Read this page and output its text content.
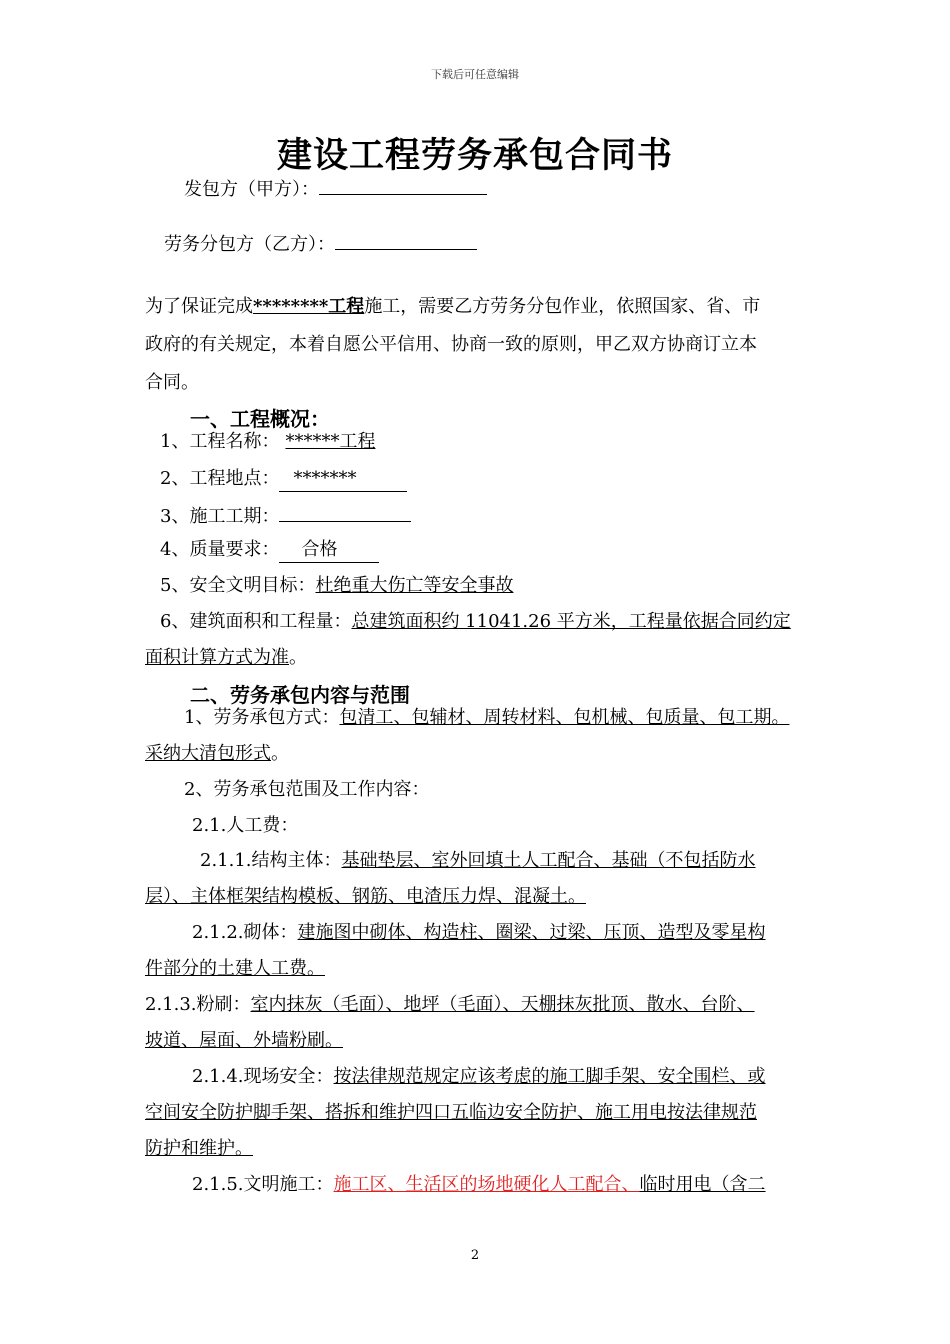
下载后可任意编辑
建设工程劳务承包合同书
发包方（甲方）：
劳务分包方（乙方）：
为了保证完成********工程施工，需要乙方劳务分包作业，依照国家、省、市
政府的有关规定，本着自愿公平信用、协商一致的原则，甲乙双方协商订立本
合同。
一、工程概况：
1、工程名称： ******工程
2、工程地点： *******
3、施工工期：
4、质量要求： 合格
5、安全文明目标：杜绝重大伤亡等安全事故
6、建筑面积和工程量：总建筑面积约 11041.26 平方米，工程量依据合同约定
面积计算方式为准。
二、劳务承包内容与范围
1、劳务承包方式：包清工、包辅材、周转材料、包机械、包质量、包工期。
采纳大清包形式。
2、劳务承包范围及工作内容：
2.1.人工费：
2.1.1.结构主体：基础垫层、室外回填土人工配合、基础（不包括防水
层）、主体框架结构模板、钢筋、电渣压力焊、混凝土。
2.1.2.砌体：建施图中砌体、构造柱、圈梁、过梁、压顶、造型及零星构
件部分的土建人工费。
2.1.3.粉刷：室内抹灰（毛面）、地坪（毛面）、天棚抹灰批顶、散水、台阶、
坡道、屋面、外墙粉刷。
2.1.4.现场安全：按法律规范规定应该考虑的施工脚手架、安全围栏、或
空间安全防护脚手架、搭拆和维护四口五临边安全防护、施工用电按法律规范
防护和维护。
2.1.5.文明施工：施工区、生活区的场地硬化人工配合、临时用电（含二
2
